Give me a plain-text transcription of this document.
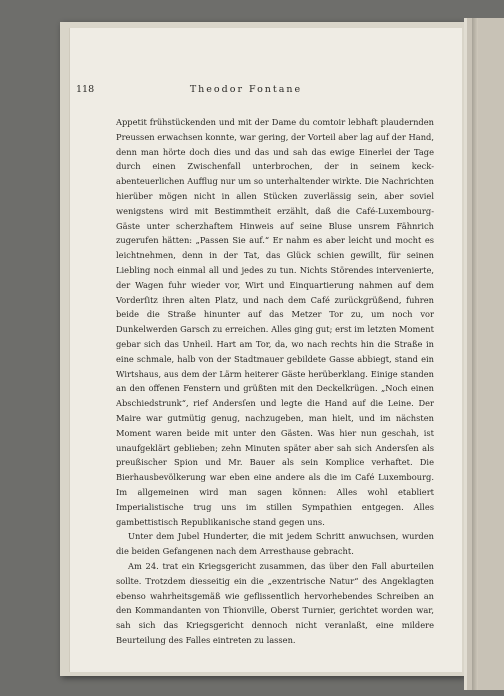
118	Theodor Fontane

Appetit frühstückenden und mit der Dame du comtoir lebhaft plaudernden Preussen erwachsen konnte, war gering, der Vorteil aber lag auf der Hand, denn man hörte doch dies und das und sah das ewige Einerlei der Tage durch einen Zwischenfall unterbrochen, der in seinem keck-abenteuerlichen Aufflug nur um so unterhaltender wirkte. Die Nachrichten hierüber mögen nicht in allen Stücken zuverlässig sein, aber soviel wenigstens wird mit Bestimmtheit erzählt, daß die Café-Luxembourg-Gäste unter scherzhaftem Hinweis auf seine Bluse unsrem Fähnrich zugerufen hätten: „Passen Sie auf.“ Er nahm es aber leicht und mocht es leichtnehmen, denn in der Tat, das Glück schien gewillt, für seinen Liebling noch einmal all und jedes zu tun. Nichts Störendes intervenierte, der Wagen fuhr wieder vor, Wirt und Einquartierung nahmen auf dem Vorderſitz ihren alten Platz, und nach dem Café zurückgrüßend, fuhren beide die Straße hinunter auf das Metzer Tor zu, um noch vor Dunkelwerden Garsch zu erreichen. Alles ging gut; erst im letzten Moment gebar sich das Unheil. Hart am Tor, da, wo nach rechts hin die Straße in eine schmale, halb von der Stadtmauer gebildete Gasse abbiegt, stand ein Wirtshaus, aus dem der Lärm heiterer Gäste herüberklang. Einige standen an den offenen Fenstern und grüßten mit den Deckelkrügen. „Noch einen Abschiedstrunk“, rief Andersſen und legte die Hand auf die Leine. Der Maire war gutmütig genug, nachzugeben, man hielt, und im nächsten Moment waren beide mit unter den Gästen. Was hier nun geschah, ist unaufgeklärt geblieben; zehn Minuten später aber sah sich Andersſen als preußischer Spion und Mr. Bauer als sein Komplice verhaftet. Die Bierhausbevölkerung war eben eine andere als die im Café Luxembourg. Im allgemeinen wird man sagen können: Alles wohl etabliert Imperialistische trug uns im stillen Sympathien entgegen. Alles gambettistisch Republikanische stand gegen uns.

Unter dem Jubel Hunderter, die mit jedem Schritt anwuchsen, wurden die beiden Gefangenen nach dem Arresthause gebracht.

Am 24. trat ein Kriegsgericht zusammen, das über den Fall aburteilen sollte. Trotzdem diesseitig ein die „exzentrische Natur“ des Angeklagten ebenso wahrheitsgemäß wie geflissentlich hervorhebendes Schreiben an den Kommandanten von Thionville, Oberst Turnier, gerichtet worden war, sah sich das Kriegsgericht dennoch nicht veranlaßt, eine mildere Beurteilung des Falles eintreten zu lassen.
